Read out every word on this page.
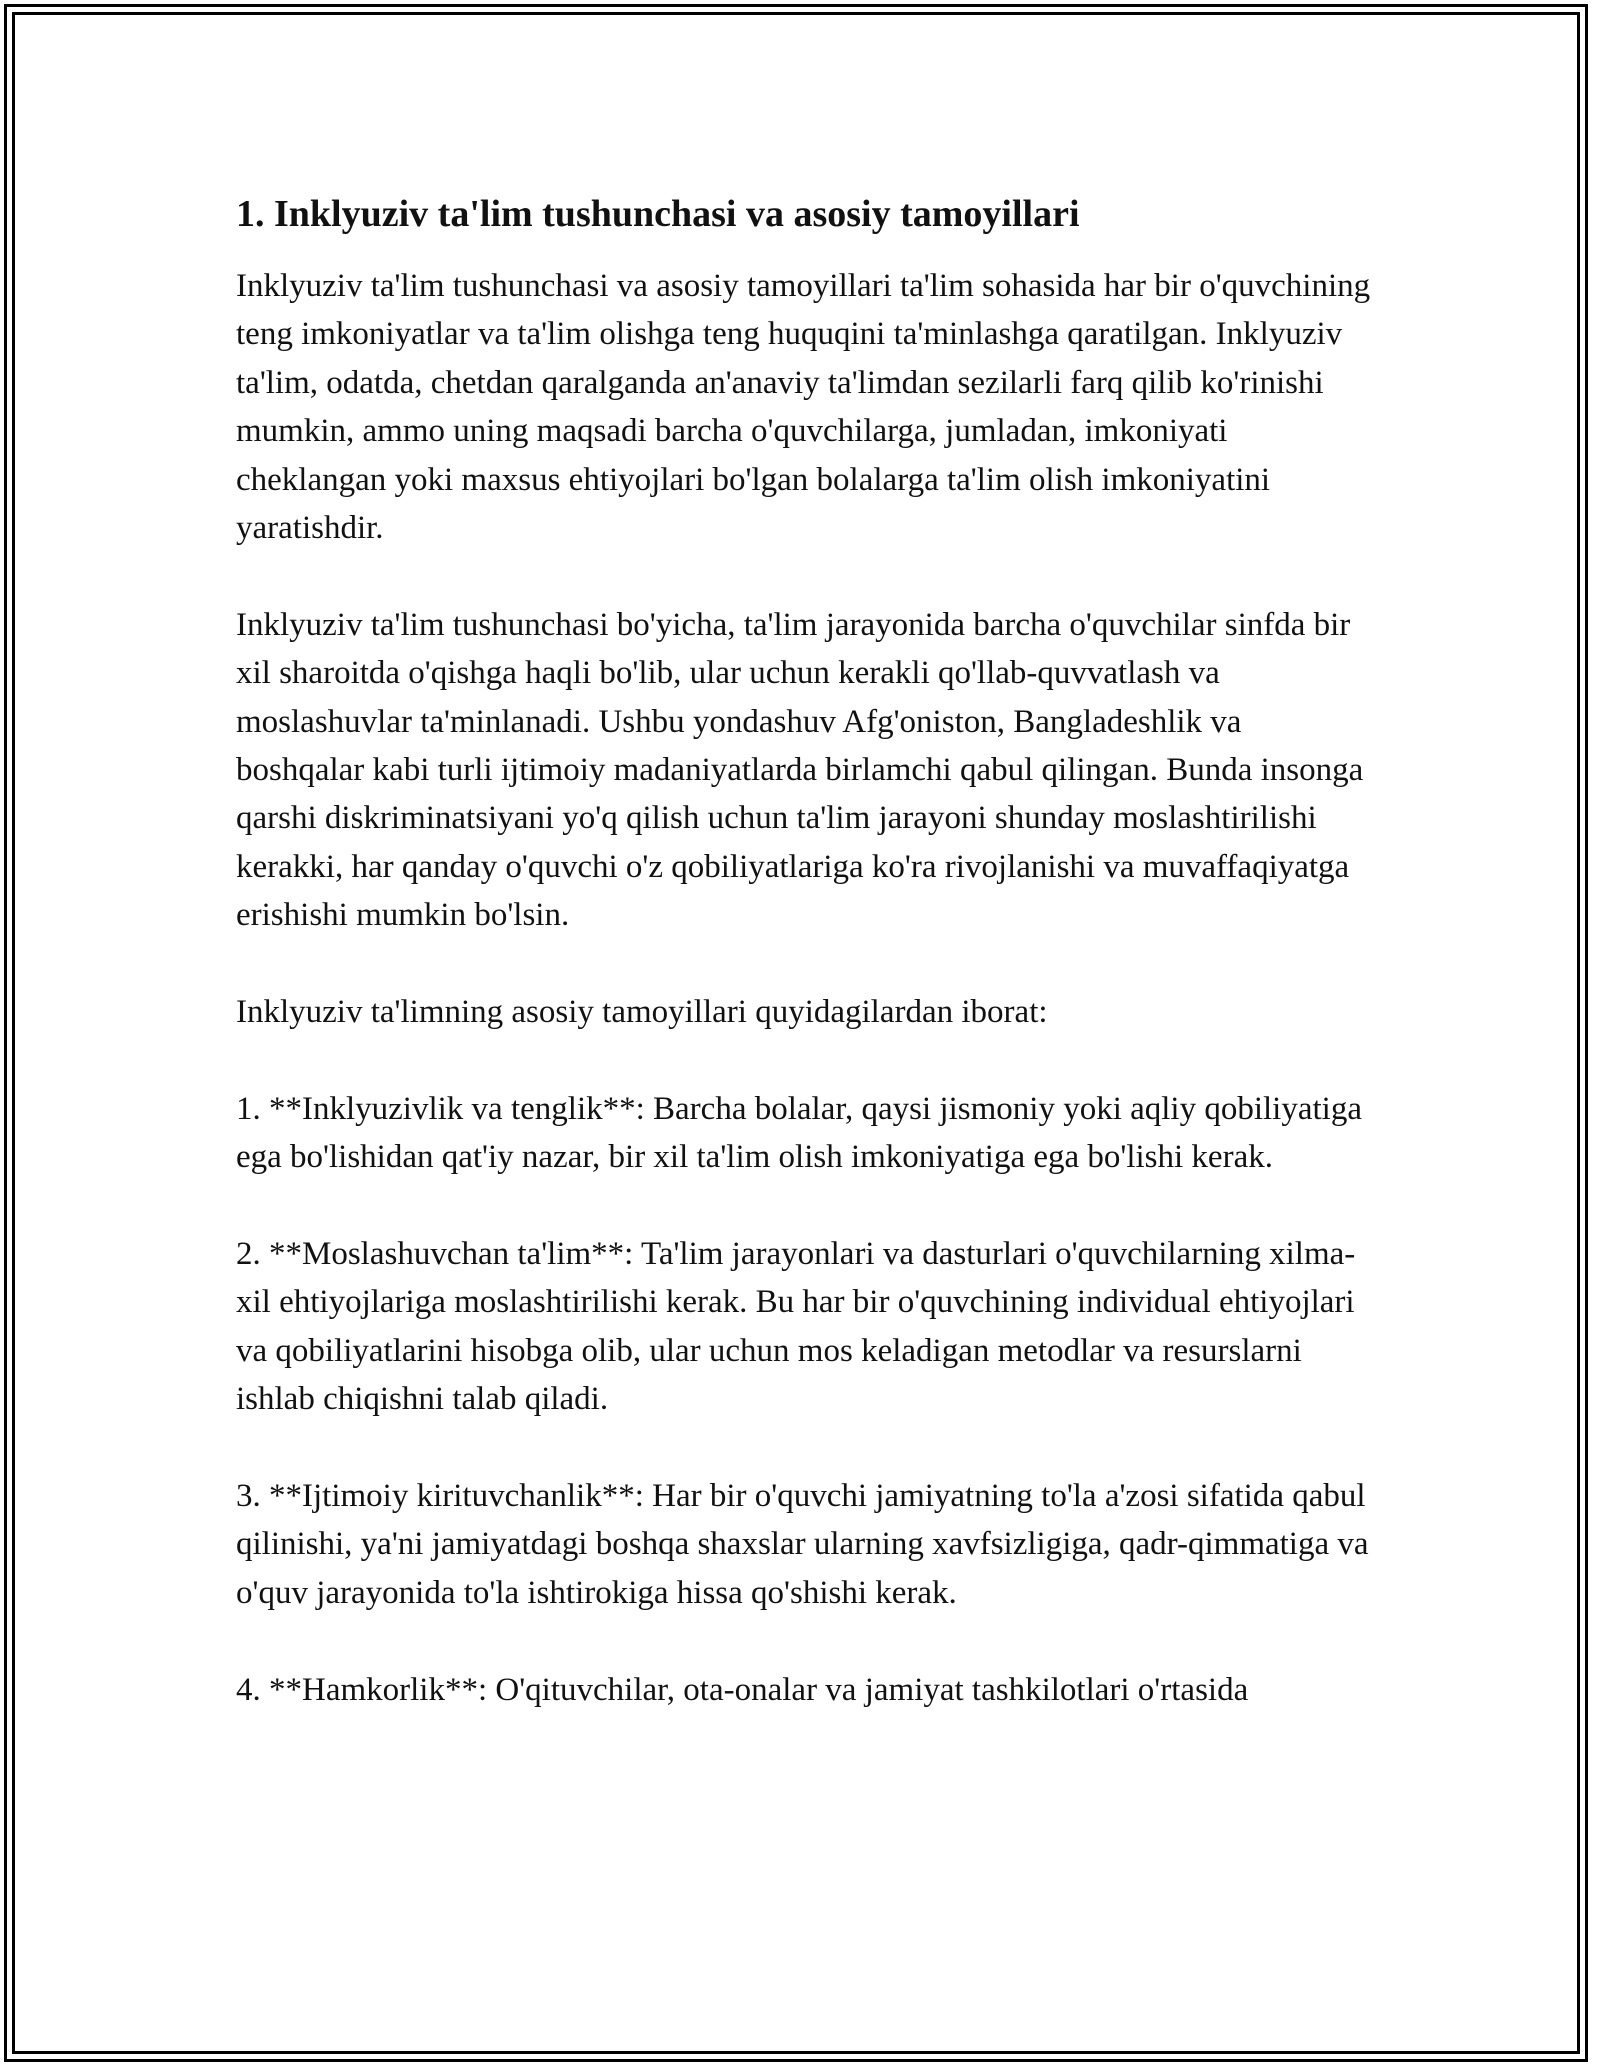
1. Inklyuziv ta'lim tushunchasi va asosiy tamoyillari

Inklyuziv ta'lim tushunchasi va asosiy tamoyillari ta'lim sohasida har bir o'quvchining teng imkoniyatlar va ta'lim olishga teng huquqini ta'minlashga qaratilgan. Inklyuziv ta'lim, odatda, chetdan qaralganda an'anaviy ta'limdan sezilarli farq qilib ko'rinishi mumkin, ammo uning maqsadi barcha o'quvchilarga, jumladan, imkoniyati cheklangan yoki maxsus ehtiyojlari bo'lgan bolalarga ta'lim olish imkoniyatini yaratishdir.

Inklyuziv ta'lim tushunchasi bo'yicha, ta'lim jarayonida barcha o'quvchilar sinfda bir xil sharoitda o'qishga haqli bo'lib, ular uchun kerakli qo'llab-quvvatlash va moslashuvlar ta'minlanadi. Ushbu yondashuv Afg'oniston, Bangladeshlik va boshqalar kabi turli ijtimoiy madaniyatlarda birlamchi qabul qilingan. Bunda insonga qarshi diskriminatsiyani yo'q qilish uchun ta'lim jarayoni shunday moslashtirilishi kerakki, har qanday o'quvchi o'z qobiliyatlariga ko'ra rivojlanishi va muvaffaqiyatga erishishi mumkin bo'lsin.

Inklyuziv ta'limning asosiy tamoyillari quyidagilardan iborat:

1. **Inklyuzivlik va tenglik**: Barcha bolalar, qaysi jismoniy yoki aqliy qobiliyatiga ega bo'lishidan qat'iy nazar, bir xil ta'lim olish imkoniyatiga ega bo'lishi kerak.

2. **Moslashuvchan ta'lim**: Ta'lim jarayonlari va dasturlari o'quvchilarning xilma-xil ehtiyojlariga moslashtirilishi kerak. Bu har bir o'quvchining individual ehtiyojlari va qobiliyatlarini hisobga olib, ular uchun mos keladigan metodlar va resurslarni ishlab chiqishni talab qiladi.

3. **Ijtimoiy kirituvchanlik**: Har bir o'quvchi jamiyatning to'la a'zosi sifatida qabul qilinishi, ya'ni jamiyatdagi boshqa shaxslar ularning xavfsizligiga, qadr-qimmatiga va o'quv jarayonida to'la ishtirokiga hissa qo'shishi kerak.

4. **Hamkorlik**: O'qituvchilar, ota-onalar va jamiyat tashkilotlari o'rtasida
